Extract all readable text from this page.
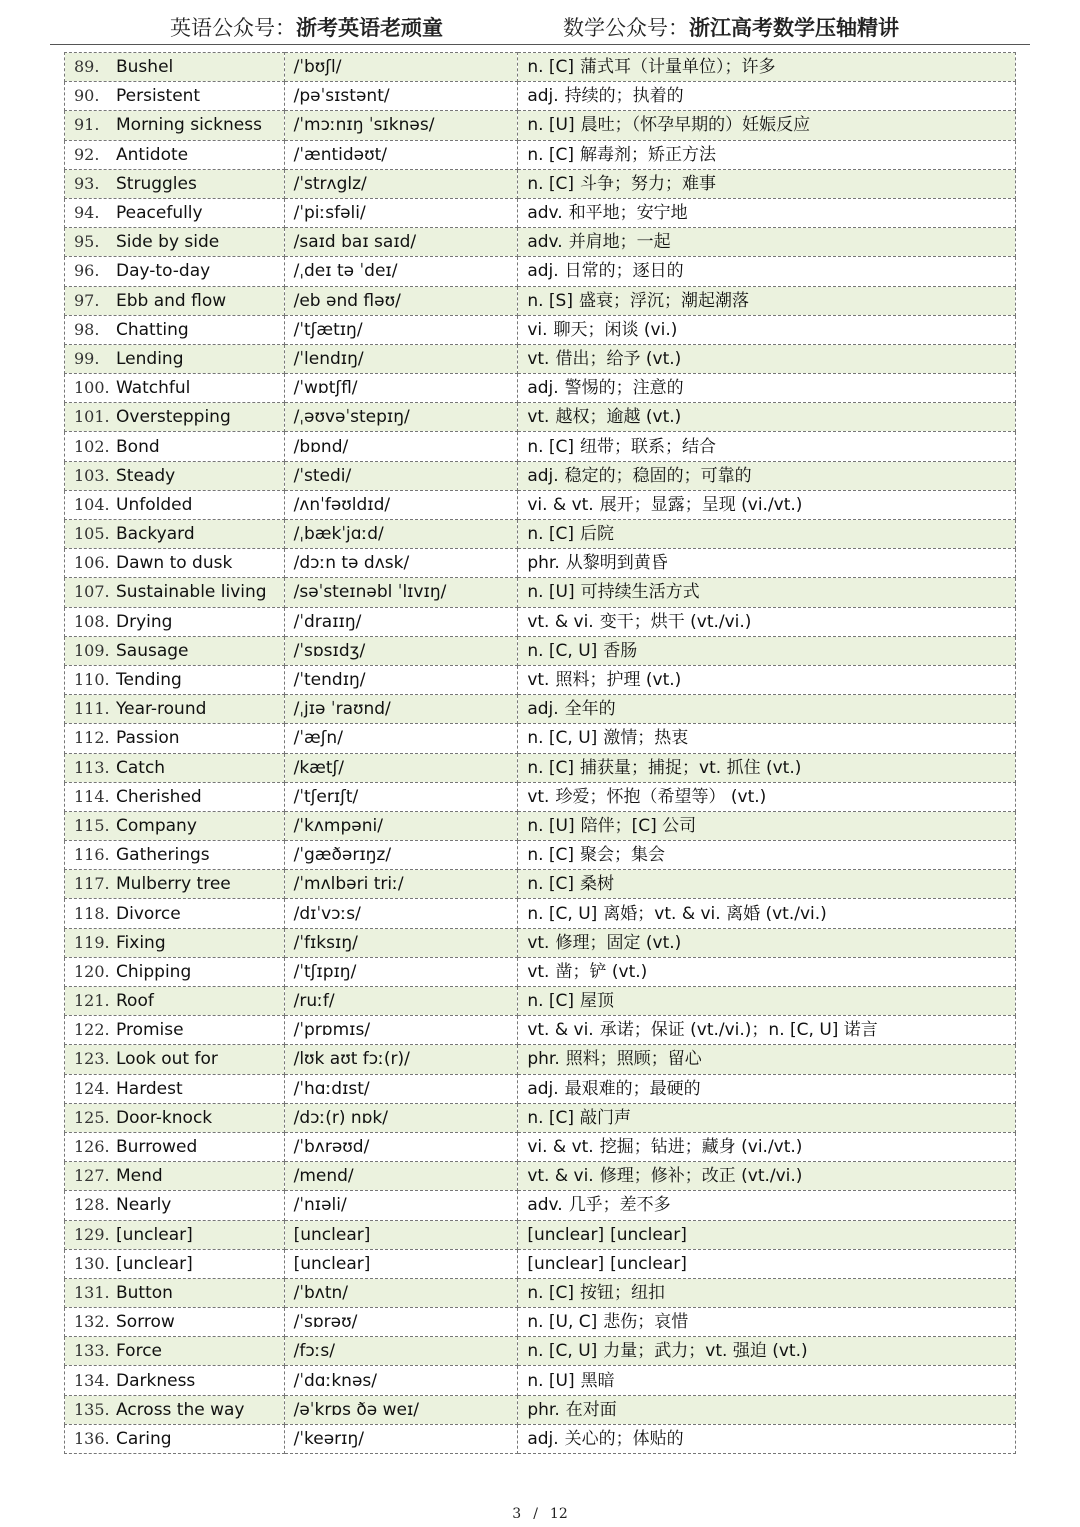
英语公众号：浙考英语老顽童	数学公众号：浙江高考数学压轴精讲
89. Bushel	/ˈbʊʃl/	n. [C] 蒲式耳（计量单位）；许多
90. Persistent	/pəˈsɪstənt/	adj. 持续的；执着的
91. Morning sickness	/ˈmɔːnɪŋ ˈsɪknəs/	n. [U] 晨吐；（怀孕早期的）妊娠反应
92. Antidote	/ˈæntidəʊt/	n. [C] 解毒剂；矫正方法
93. Struggles	/ˈstrʌglz/	n. [C] 斗争；努力；难事
94. Peacefully	/ˈpiːsfəli/	adv. 和平地；安宁地
95. Side by side	/saɪd baɪ saɪd/	adv. 并肩地；一起
96. Day-to-day	/ˌdeɪ tə ˈdeɪ/	adj. 日常的；逐日的
97. Ebb and flow	/eb ənd fləʊ/	n. [S] 盛衰；浮沉；潮起潮落
98. Chatting	/ˈtʃætɪŋ/	vi. 聊天；闲谈 (vi.)
99. Lending	/ˈlendɪŋ/	vt. 借出；给予 (vt.)
100. Watchful	/ˈwɒtʃfl/	adj. 警惕的；注意的
101. Overstepping	/ˌəʊvəˈstepɪŋ/	vt. 越权；逾越 (vt.)
102. Bond	/bɒnd/	n. [C] 纽带；联系；结合
103. Steady	/ˈstedi/	adj. 稳定的；稳固的；可靠的
104. Unfolded	/ʌnˈfəʊldɪd/	vi. & vt. 展开；显露；呈现 (vi./vt.)
105. Backyard	/ˌbækˈjɑːd/	n. [C] 后院
106. Dawn to dusk	/dɔːn tə dʌsk/	phr. 从黎明到黄昏
107. Sustainable living	/səˈsteɪnəbl ˈlɪvɪŋ/	n. [U] 可持续生活方式
108. Drying	/ˈdraɪɪŋ/	vt. & vi. 变干；烘干 (vt./vi.)
109. Sausage	/ˈsɒsɪdʒ/	n. [C, U] 香肠
110. Tending	/ˈtendɪŋ/	vt. 照料；护理 (vt.)
111. Year-round	/ˌjɪə ˈraʊnd/	adj. 全年的
112. Passion	/ˈæʃn/	n. [C, U] 激情；热衷
113. Catch	/kætʃ/	n. [C] 捕获量；捕捉；vt. 抓住 (vt.)
114. Cherished	/ˈtʃerɪʃt/	vt. 珍爱；怀抱（希望等） (vt.)
115. Company	/ˈkʌmpəni/	n. [U] 陪伴；[C] 公司
116. Gatherings	/ˈgæðərɪŋz/	n. [C] 聚会；集会
117. Mulberry tree	/ˈmʌlbəri triː/	n. [C] 桑树
118. Divorce	/dɪˈvɔːs/	n. [C, U] 离婚；vt. & vi. 离婚 (vt./vi.)
119. Fixing	/ˈfɪksɪŋ/	vt. 修理；固定 (vt.)
120. Chipping	/ˈtʃɪpɪŋ/	vt. 凿；铲 (vt.)
121. Roof	/ruːf/	n. [C] 屋顶
122. Promise	/ˈprɒmɪs/	vt. & vi. 承诺；保证 (vt./vi.)；n. [C, U] 诺言
123. Look out for	/lʊk aʊt fɔː(r)/	phr. 照料；照顾；留心
124. Hardest	/ˈhɑːdɪst/	adj. 最艰难的；最硬的
125. Door-knock	/dɔː(r) nɒk/	n. [C] 敲门声
126. Burrowed	/ˈbʌrəʊd/	vi. & vt. 挖掘；钻进；藏身 (vi./vt.)
127. Mend	/mend/	vt. & vi. 修理；修补；改正 (vt./vi.)
128. Nearly	/ˈnɪəli/	adv. 几乎；差不多
129. [unclear]	[unclear]	[unclear] [unclear]
130. [unclear]	[unclear]	[unclear] [unclear]
131. Button	/ˈbʌtn/	n. [C] 按钮；纽扣
132. Sorrow	/ˈsɒrəʊ/	n. [U, C] 悲伤；哀惜
133. Force	/fɔːs/	n. [C, U] 力量；武力；vt. 强迫 (vt.)
134. Darkness	/ˈdɑːknəs/	n. [U] 黑暗
135. Across the way	/əˈkrɒs ðə weɪ/	phr. 在对面
136. Caring	/ˈkeərɪŋ/	adj. 关心的；体贴的
3 / 12
